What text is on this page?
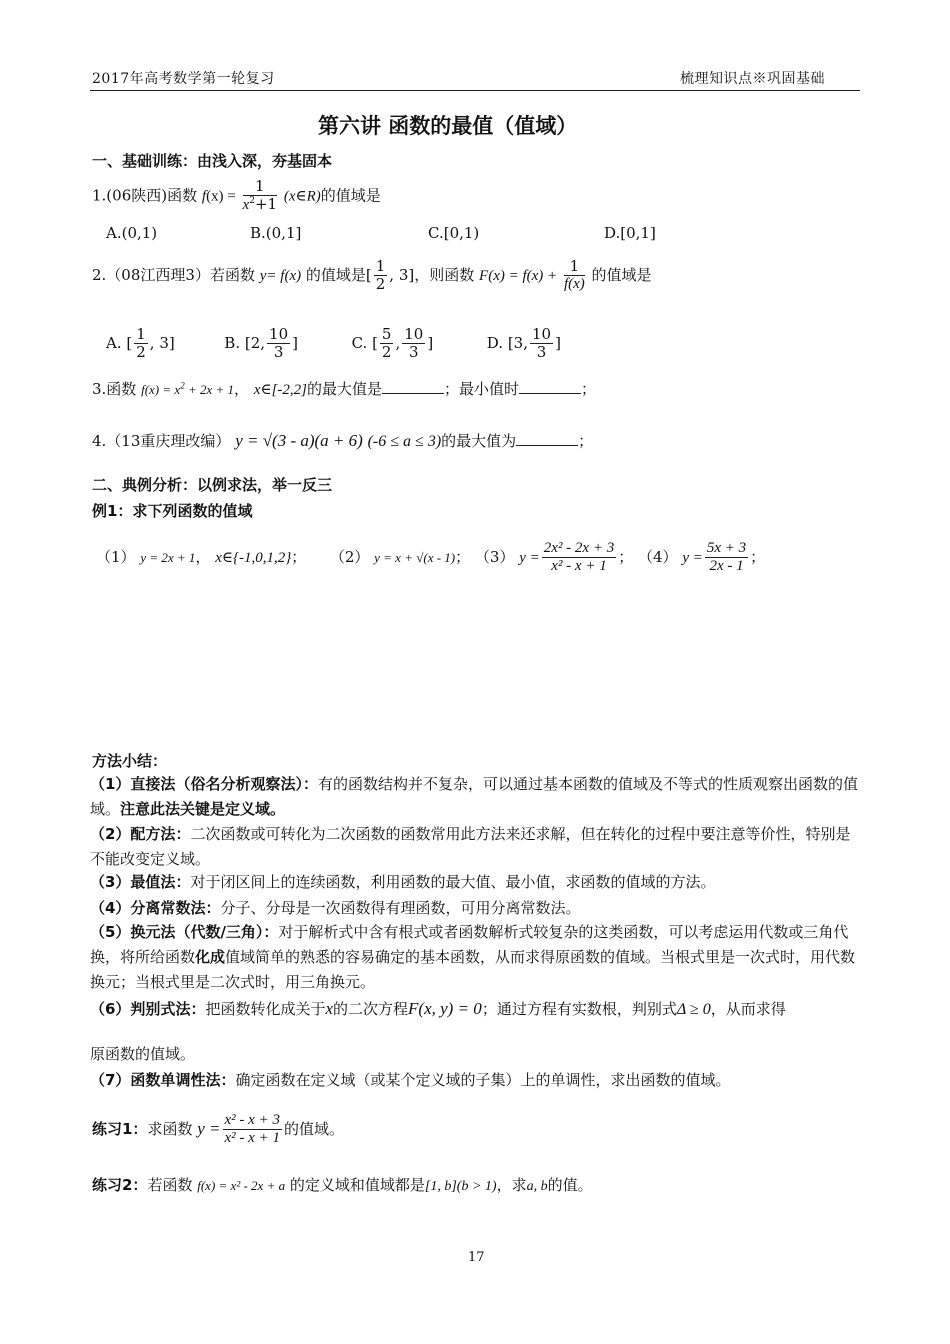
2017年高考数学第一轮复习	梳理知识点※巩固基础
第六讲 函数的最值（值域）
一、基础训练：由浅入深，夯基固本
1.(06陕西)函数 $f(x) = \frac{1}{x^2+1}$ (x∈R)的值域是
A.(0,1)	B.(0,1]	C.[0,1)	D.[0,1]
2.（08江西理3）若函数 y= f(x) 的值域是[ $\frac{1}{2}$ , 3]，则函数 $F(x) = f(x) + \frac{1}{f(x)}$ 的值域是
A. [ $\frac{1}{2}$ , 3]	B. [2, $\frac{10}{3}$ ]	C. [ $\frac{5}{2}$ , $\frac{10}{3}$ ]	D. [3, $\frac{10}{3}$ ]
3.函数 $f(x) = x^2 + 2x + 1$， x∈[-2,2]的最大值是	；最小值时	；
4.（13重庆理改编） y = √(3 - a)(a + 6) (-6 ≤ a ≤ 3)的最大值为	；
二、典例分析：以例求法，举一反三
例1：求下列函数的值域
（1） y = 2x + 1， x∈{-1,0,1,2}； （2） y = x + √(x - 1)； （3） $y = \frac{\text{2x² - 2x + 3}}{\text{x² - x + 1}}$ ； （4） $y = \frac{5x + 3}{2x - 1}$ ；
方法小结：
（1）直接法（俗名分析观察法）：有的函数结构并不复杂，可以通过基本函数的值域及不等式的性质观察出函数的值域。注意此法关键是定义域。
（2）配方法：二次函数或可转化为二次函数的函数常用此方法来还求解，但在转化的过程中要注意等价性，特别是不能改变定义域。
（3）最值法：对于闭区间上的连续函数，利用函数的最大值、最小值，求函数的值域的方法。
（4）分离常数法：分子、分母是一次函数得有理函数，可用分离常数法。
（5）换元法（代数/三角）：对于解析式中含有根式或者函数解析式较复杂的这类函数，可以考虑运用代数或三角代换，将所给函数化成值域简单的熟悉的容易确定的基本函数，从而求得原函数的值域。当根式里是一次式时，用代数换元；当根式里是二次式时，用三角换元。
（6）判别式法：把函数转化成关于x的二次方程F(x, y) = 0；通过方程有实数根，判别式Δ ≥ 0，从而求得
原函数的值域。
（7）函数单调性法：确定函数在定义域（或某个定义域的子集）上的单调性，求出函数的值域。
练习1：求函数 $y = \frac{\text{x² - x + 3}}{\text{x² - x + 1}}$ 的值域。
练习2：若函数 f(x) = x² - 2x + a 的定义域和值域都是[1, b](b > 1)，求a, b的值。
17
